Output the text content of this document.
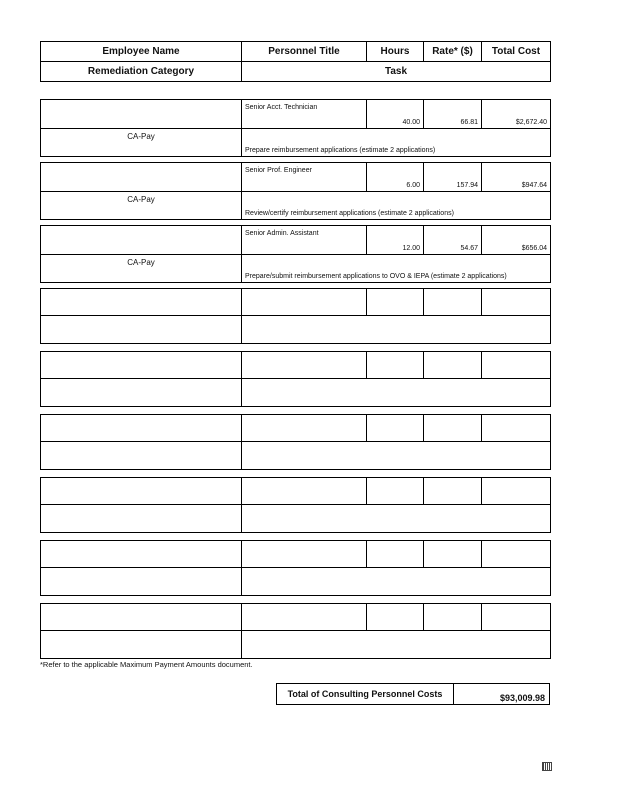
Employee Name	Personnel Title	Hours	Rate* ($)	Total Cost
Remediation Category	Task			
	Senior Acct. Technician	40.00	66.81	$2,672.40
CA-Pay	Prepare reimbursement applications (estimate 2 applications)			
	Senior Prof. Engineer	6.00	157.94	$947.64
CA-Pay	Review/certify reimbursement applications (estimate 2 applications)			
	Senior Admin. Assistant	12.00	54.67	$656.04
CA-Pay	Prepare/submit reimbursement applications to OVO & IEPA (estimate 2 applications)			

*Refer to the applicable Maximum Payment Amounts document.
Total of Consulting Personnel Costs	$93,009.98
